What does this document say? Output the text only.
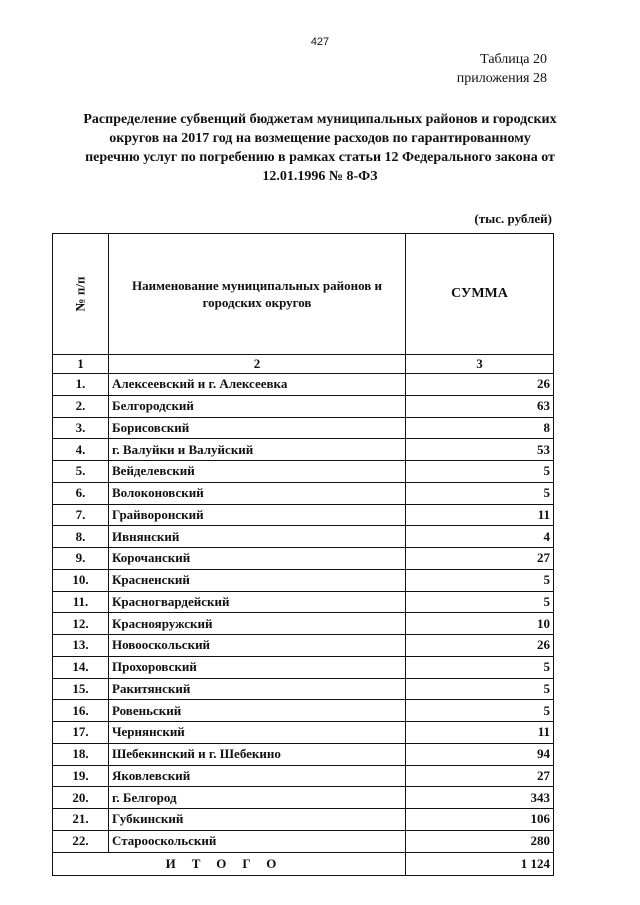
427
Таблица 20
приложения 28
Распределение субвенций бюджетам муниципальных районов и городских
округов на 2017 год на возмещение расходов по гарантированному
перечню услуг по погребению в рамках статьи 12 Федерального закона от
12.01.1996 № 8-ФЗ
(тыс. рублей)
№ п/п	Наименование муниципальных районов и городских округов	СУММА
1	2	3
1.	Алексеевский и г. Алексеевка	26
2.	Белгородский	63
3.	Борисовский	8
4.	г. Валуйки и Валуйский	53
5.	Вейделевский	5
6.	Волоконовский	5
7.	Грайворонский	11
8.	Ивнянский	4
9.	Корочанский	27
10.	Красненский	5
11.	Красногвардейский	5
12.	Краснояружский	10
13.	Новооскольский	26
14.	Прохоровский	5
15.	Ракитянский	5
16.	Ровеньский	5
17.	Чернянский	11
18.	Шебекинский и г. Шебекино	94
19.	Яковлевский	27
20.	г. Белгород	343
21.	Губкинский	106
22.	Старооскольский	280
ИТОГО		1 124
